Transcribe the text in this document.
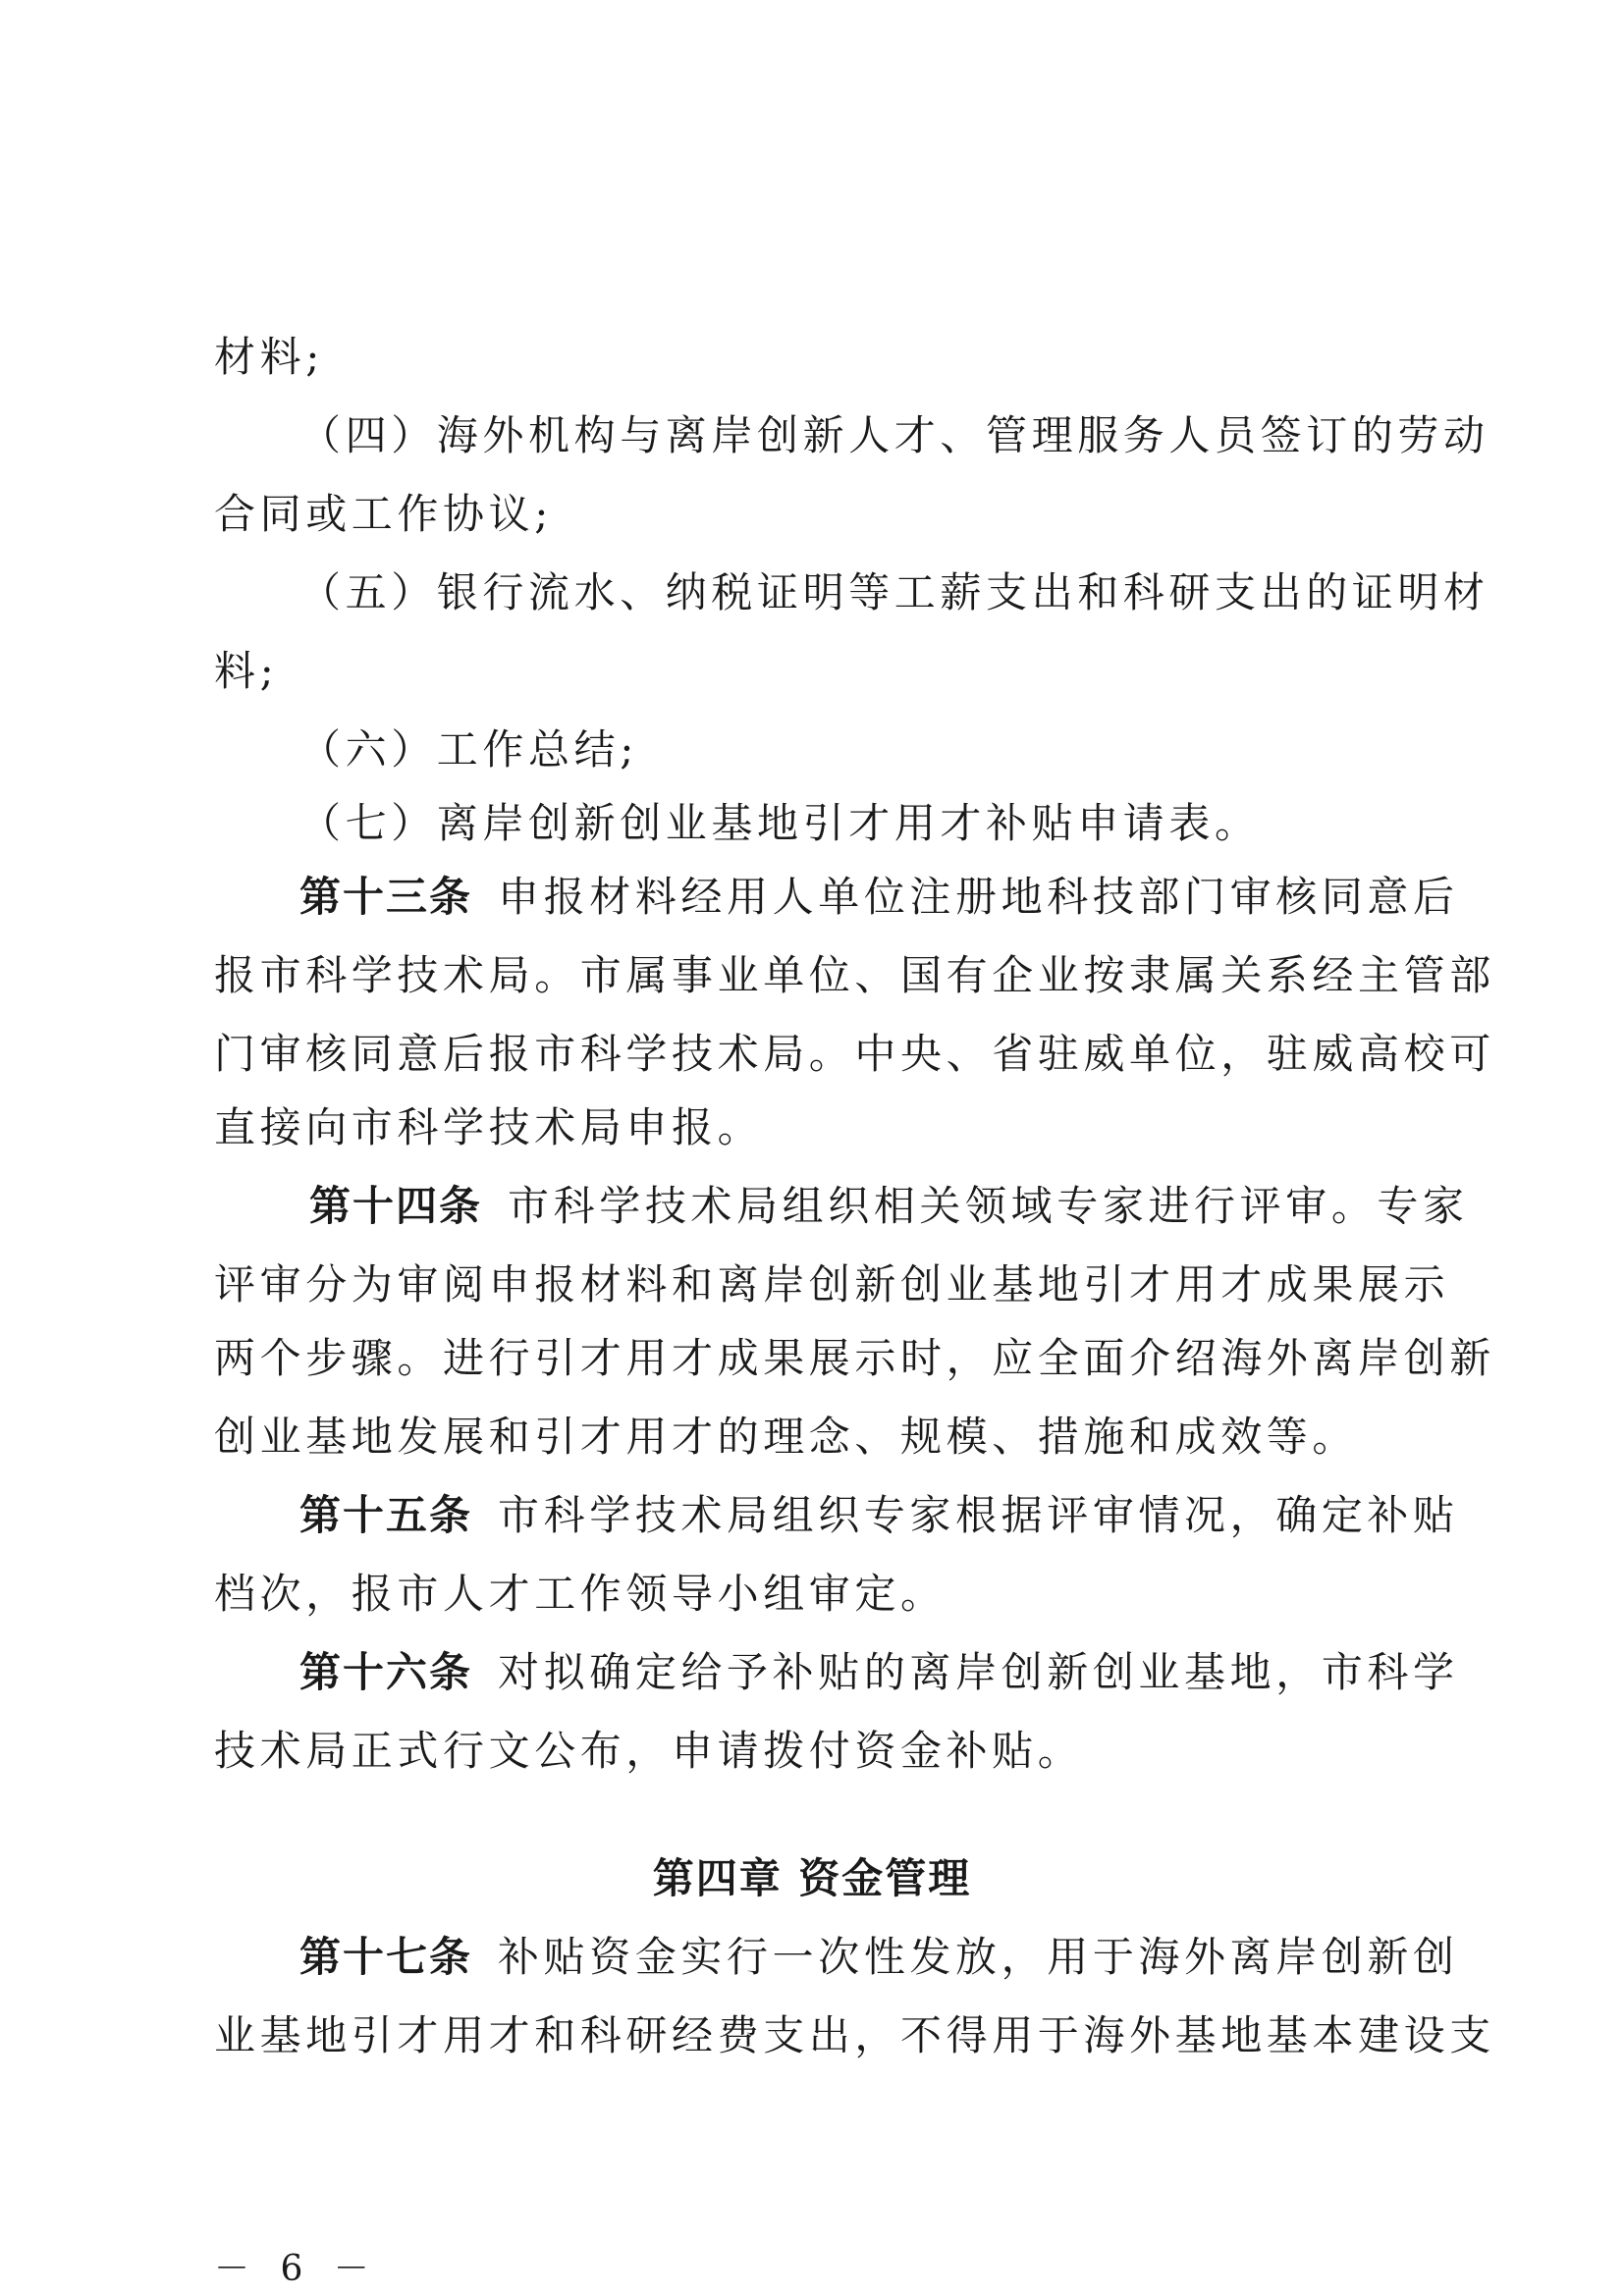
材料;
（四）海外机构与离岸创新人才、管理服务人员签订的劳动
合同或工作协议;
（五）银行流水、纳税证明等工薪支出和科研支出的证明材
料;
（六）工作总结;
（七）离岸创新创业基地引才用才补贴申请表。
第十三条 申报材料经用人单位注册地科技部门审核同意后
报市科学技术局。市属事业单位、国有企业按隶属关系经主管部
门审核同意后报市科学技术局。中央、省驻威单位，驻威高校可
直接向市科学技术局申报。
第十四条 市科学技术局组织相关领域专家进行评审。专家
评审分为审阅申报材料和离岸创新创业基地引才用才成果展示
两个步骤。进行引才用才成果展示时，应全面介绍海外离岸创新
创业基地发展和引才用才的理念、规模、措施和成效等。
第十五条 市科学技术局组织专家根据评审情况，确定补贴
档次，报市人才工作领导小组审定。
第十六条 对拟确定给予补贴的离岸创新创业基地，市科学
技术局正式行文公布，申请拨付资金补贴。
第四章 资金管理
第十七条 补贴资金实行一次性发放，用于海外离岸创新创
业基地引才用才和科研经费支出，不得用于海外基地基本建设支
－ 6 －
